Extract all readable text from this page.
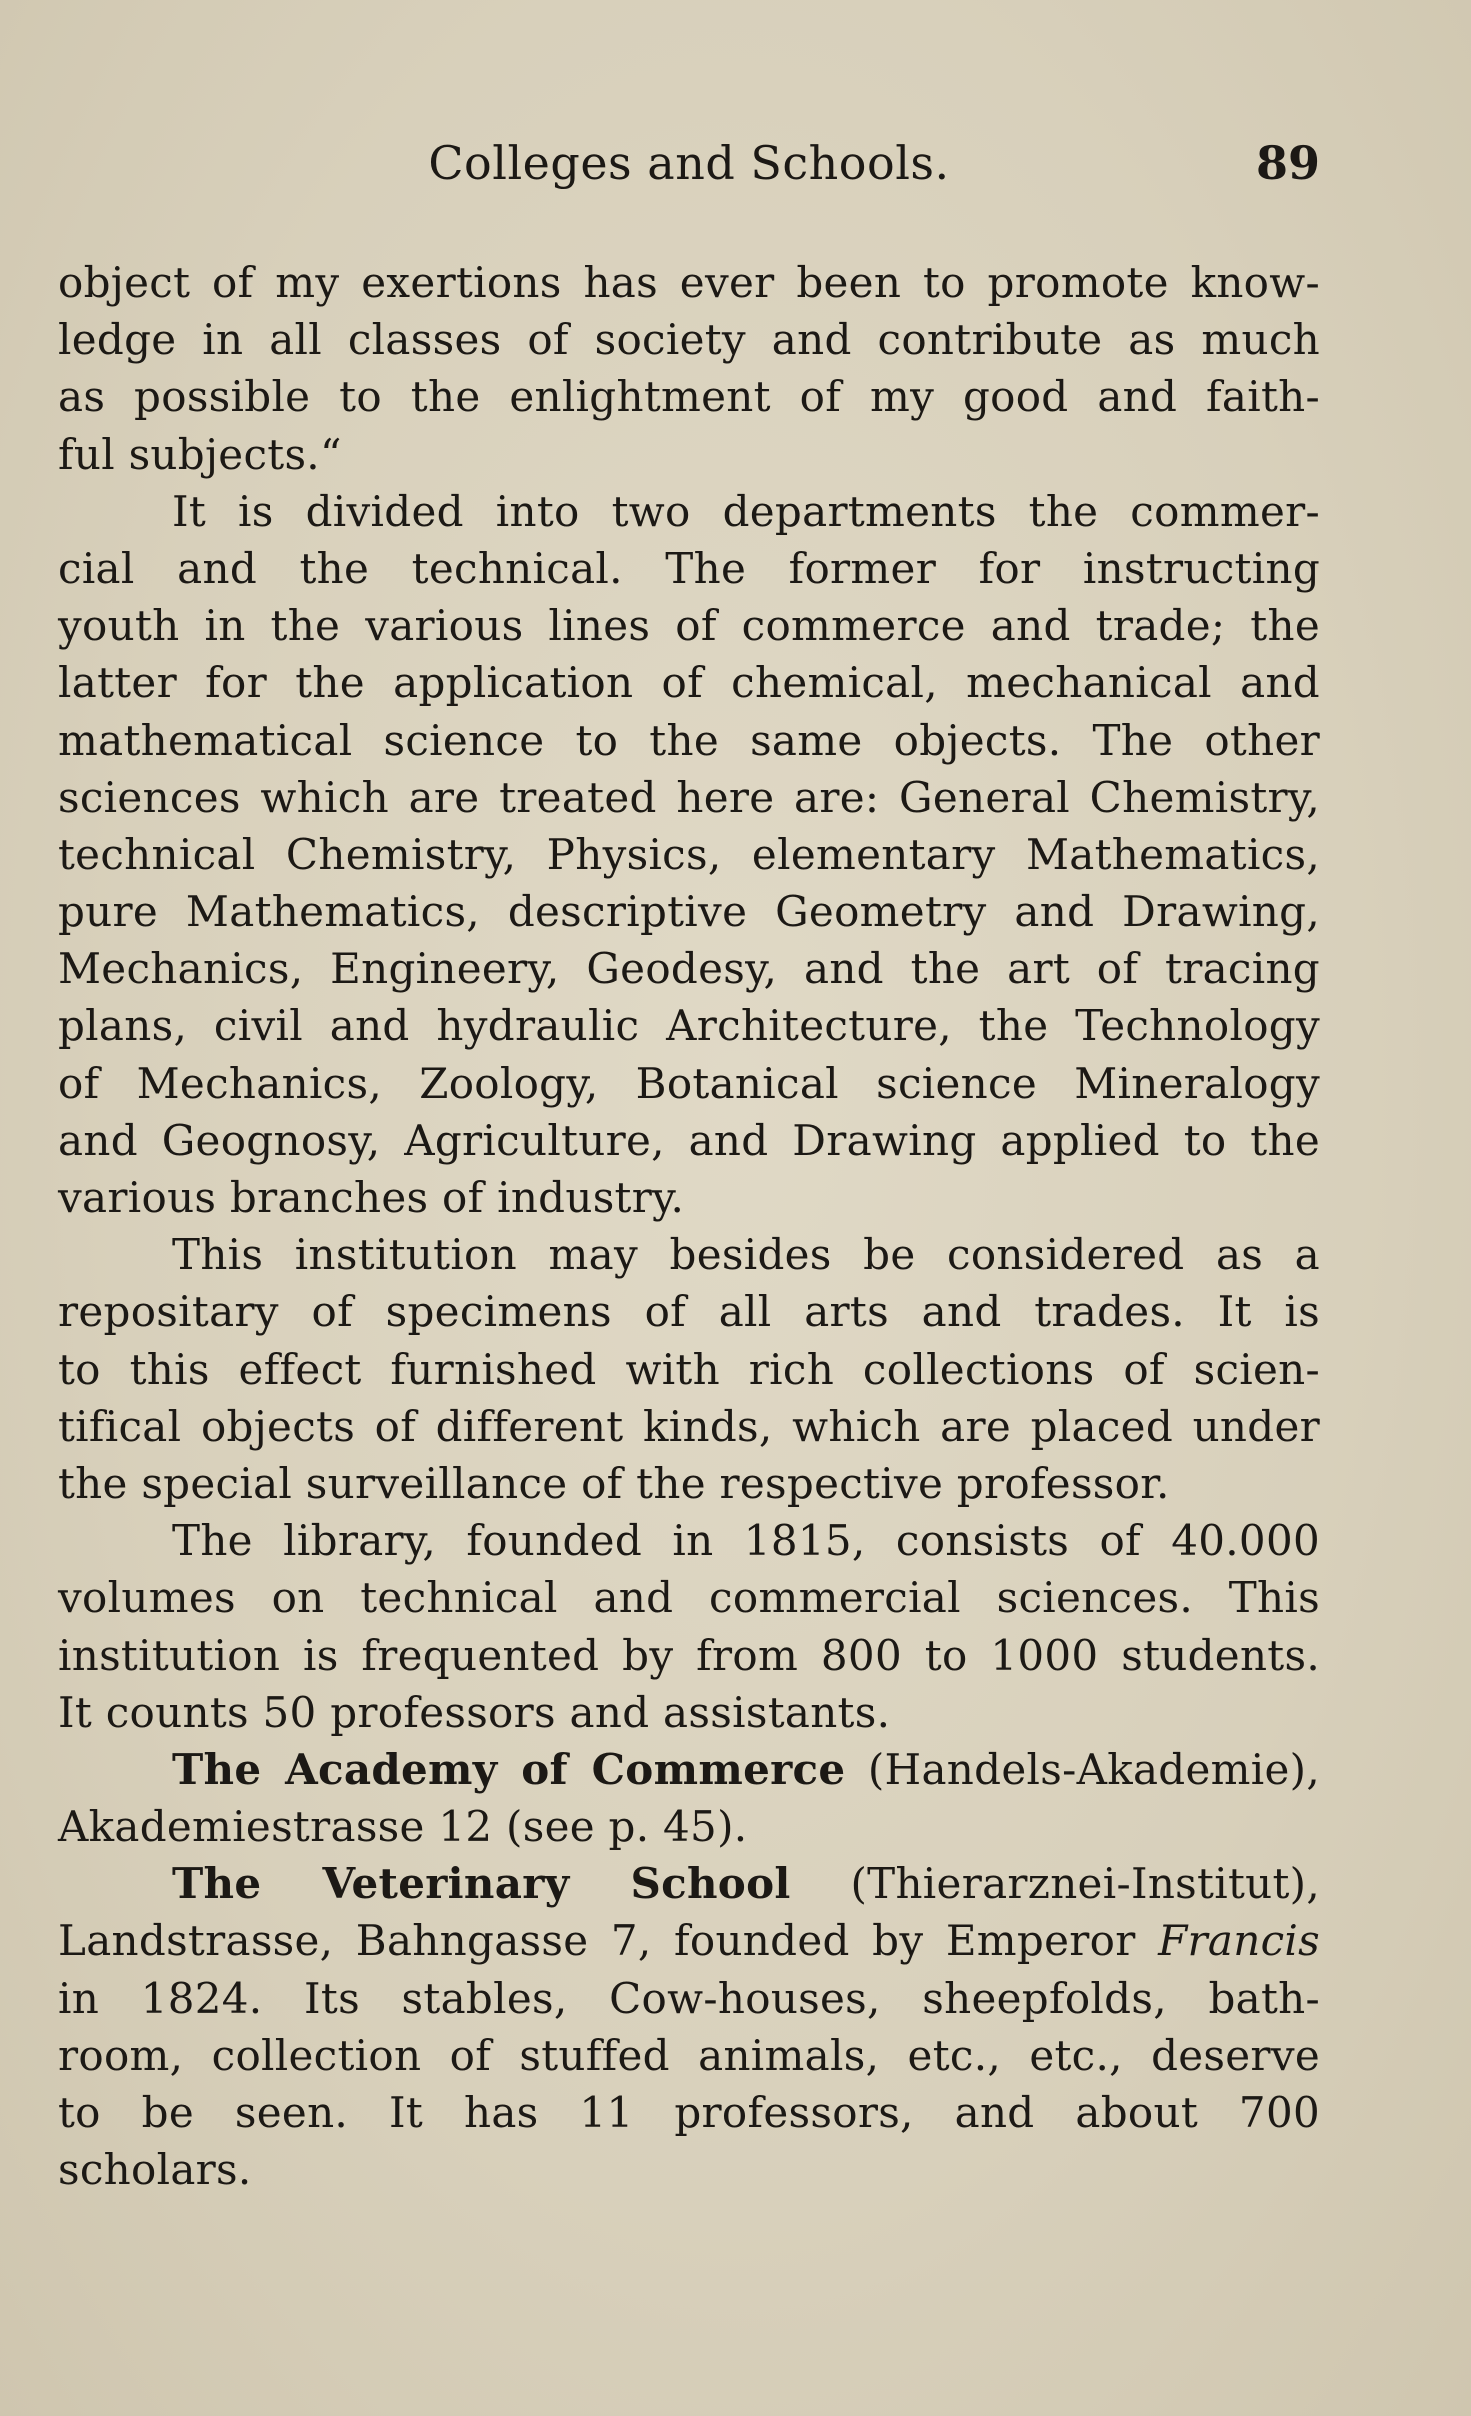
Colleges and Schools.	89
object of my exertions has ever been to promote know-
ledge in all classes of society and contribute as much
as possible to the enlightment of my good and faith-
ful subjects.“
It is divided into two departments the commer-
cial and the technical. The former for instructing
youth in the various lines of commerce and trade; the
latter for the application of chemical, mechanical and
mathematical science to the same objects. The other
sciences which are treated here are: General Chemistry,
technical Chemistry, Physics, elementary Mathematics,
pure Mathematics, descriptive Geometry and Drawing,
Mechanics, Engineery, Geodesy, and the art of tracing
plans, civil and hydraulic Architecture, the Technology
of Mechanics, Zoology, Botanical science Mineralogy
and Geognosy, Agriculture, and Drawing applied to the
various branches of industry.
This institution may besides be considered as a
repositary of specimens of all arts and trades. It is
to this effect furnished with rich collections of scien-
tifical objects of different kinds, which are placed under
the special surveillance of the respective professor.
The library, founded in 1815, consists of 40.000
volumes on technical and commercial sciences. This
institution is frequented by from 800 to 1000 students.
It counts 50 professors and assistants.
The Academy of Commerce (Handels-Akademie),
Akademiestrasse 12 (see p. 45).
The Veterinary School (Thierarznei-Institut),
Landstrasse, Bahngasse 7, founded by Emperor Francis
in 1824. Its stables, Cow-houses, sheepfolds, bath-
room, collection of stuffed animals, etc., etc., deserve
to be seen. It has 11 professors, and about 700
scholars.
